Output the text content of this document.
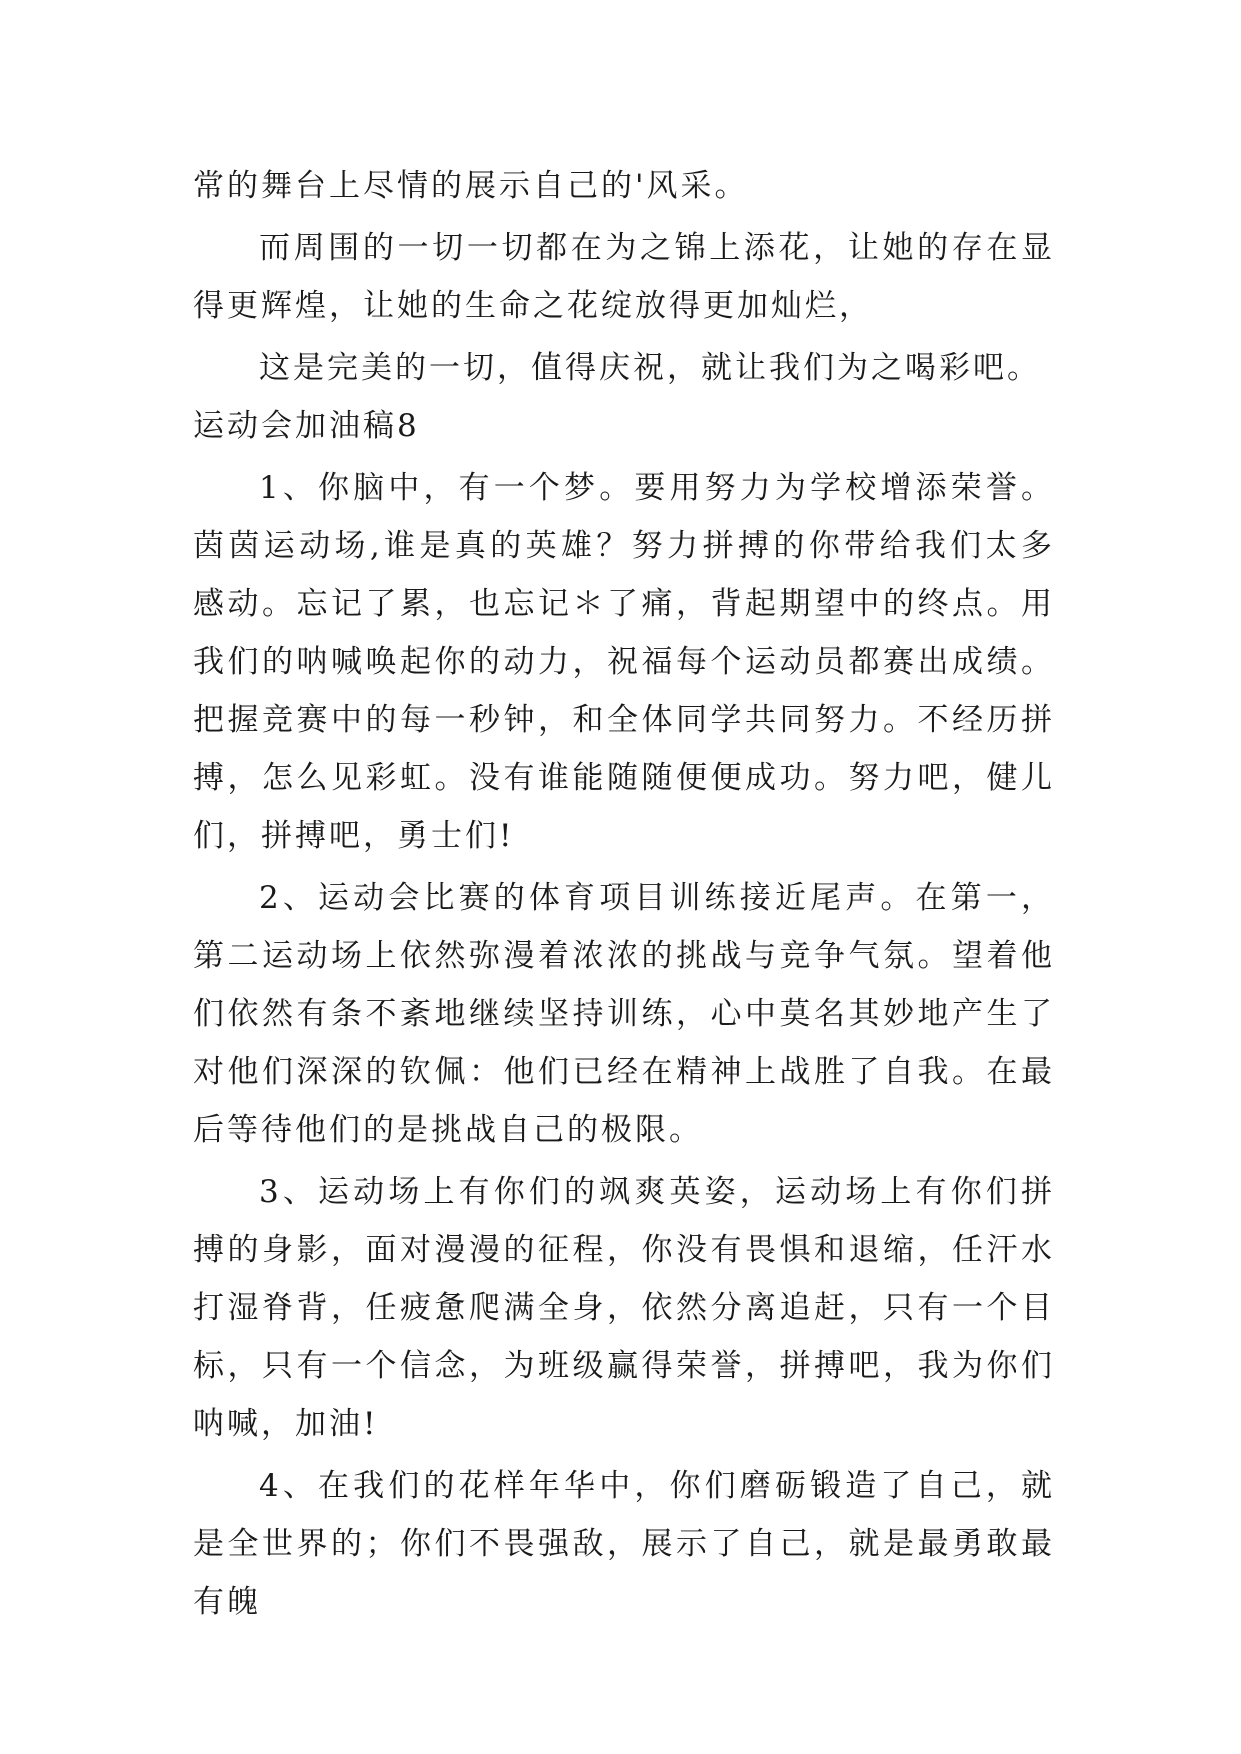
常的舞台上尽情的展示自己的'风采。

而周围的一切一切都在为之锦上添花，让她的存在显得更辉煌，让她的生命之花绽放得更加灿烂，

这是完美的一切，值得庆祝，就让我们为之喝彩吧。

运动会加油稿8

1、你脑中，有一个梦。要用努力为学校增添荣誉。茵茵运动场,谁是真的英雄？努力拼搏的你带给我们太多感动。忘记了累，也忘记＊了痛，背起期望中的终点。用我们的呐喊唤起你的动力，祝福每个运动员都赛出成绩。把握竞赛中的每一秒钟，和全体同学共同努力。不经历拼搏，怎么见彩虹。没有谁能随随便便成功。努力吧，健儿们，拼搏吧，勇士们!

2、运动会比赛的体育项目训练接近尾声。在第一，第二运动场上依然弥漫着浓浓的挑战与竞争气氛。望着他们依然有条不紊地继续坚持训练，心中莫名其妙地产生了对他们深深的钦佩：他们已经在精神上战胜了自我。在最后等待他们的是挑战自己的极限。

3、运动场上有你们的飒爽英姿，运动场上有你们拼搏的身影，面对漫漫的征程，你没有畏惧和退缩，任汗水打湿脊背，任疲惫爬满全身，依然分离追赶，只有一个目标，只有一个信念，为班级赢得荣誉，拼搏吧，我为你们呐喊，加油!

4、在我们的花样年华中，你们磨砺锻造了自己，就是全世界的；你们不畏强敌，展示了自己，就是最勇敢最有魄
